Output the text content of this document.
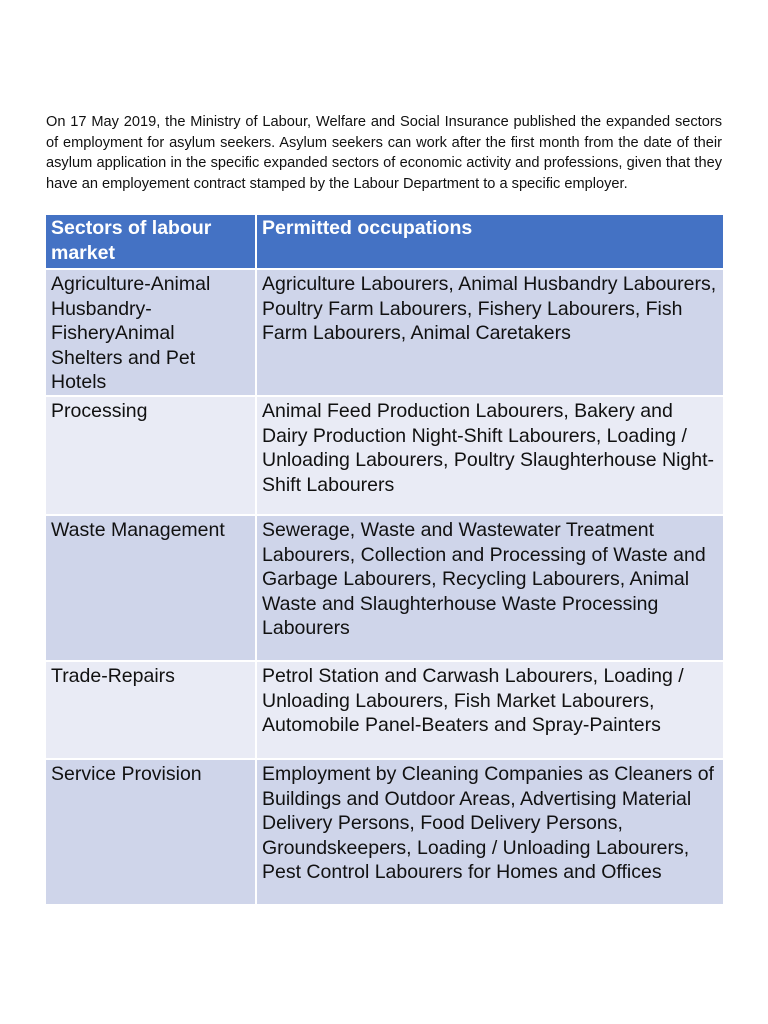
On 17 May 2019, the Ministry of Labour, Welfare and Social Insurance published the expanded sectors of employment for asylum seekers. Asylum seekers can work after the first month from the date of their asylum application in the specific expanded sectors of economic activity and professions, given that they have an employement contract stamped by the Labour Department to a specific employer.

Sectors of labour market	Permitted occupations
Agriculture-Animal Husbandry- FisheryAnimal Shelters and Pet Hotels	Agriculture Labourers, Animal Husbandry Labourers, Poultry Farm Labourers, Fishery Labourers, Fish Farm Labourers, Animal Caretakers
Processing	Animal Feed Production Labourers, Bakery and Dairy Production Night-Shift Labourers, Loading / Unloading Labourers, Poultry Slaughterhouse Night-Shift Labourers
Waste Management	Sewerage, Waste and Wastewater Treatment Labourers, Collection and Processing of Waste and Garbage Labourers, Recycling Labourers, Animal Waste and Slaughterhouse Waste Processing Labourers
Trade-Repairs	Petrol Station and Carwash Labourers, Loading / Unloading Labourers, Fish Market Labourers, Automobile Panel-Beaters and Spray-Painters
Service Provision	Employment by Cleaning Companies as Cleaners of Buildings and Outdoor Areas, Advertising Material Delivery Persons, Food Delivery Persons, Groundskeepers, Loading / Unloading Labourers, Pest Control Labourers for Homes and Offices
